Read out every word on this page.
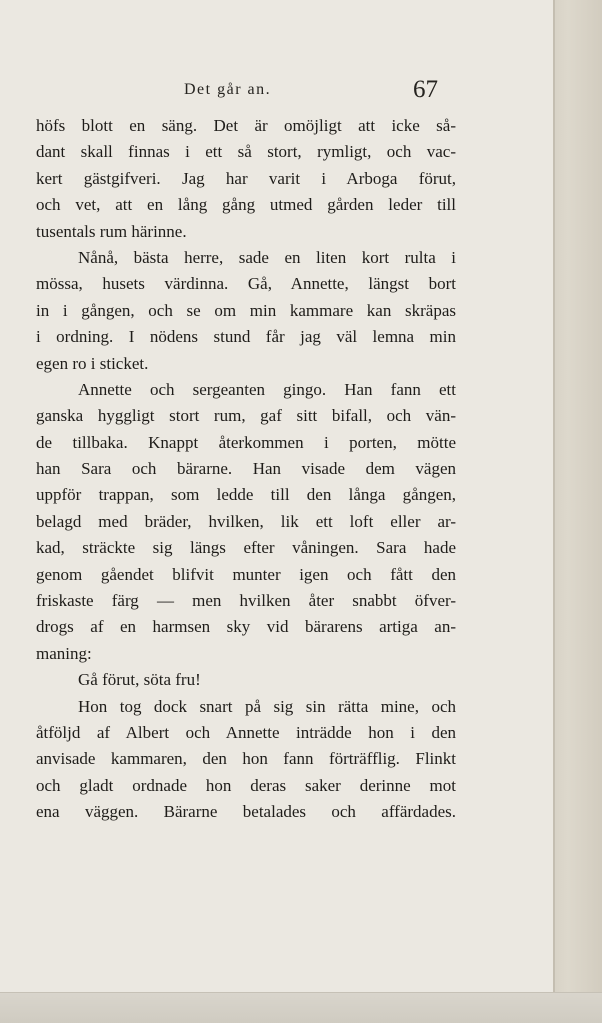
Det går an.	67
höfs blott en säng. Det är omöjligt att icke så-
dant skall finnas i ett så stort, rymligt, och vac-
kert gästgifveri. Jag har varit i Arboga förut,
och vet, att en lång gång utmed gården leder till
tusentals rum härinne.
Nånå, bästa herre, sade en liten kort rulta i
mössa, husets värdinna. Gå, Annette, längst bort
in i gången, och se om min kammare kan skräpas
i ordning. I nödens stund får jag väl lemna min
egen ro i sticket.
Annette och sergeanten gingo. Han fann ett
ganska hyggligt stort rum, gaf sitt bifall, och vän-
de tillbaka. Knappt återkommen i porten, mötte
han Sara och bärarne. Han visade dem vägen
uppför trappan, som ledde till den långa gången,
belagd med bräder, hvilken, lik ett loft eller ar-
kad, sträckte sig längs efter våningen. Sara hade
genom gåendet blifvit munter igen och fått den
friskaste färg — men hvilken åter snabbt öfver-
drogs af en harmsen sky vid bärarens artiga an-
maning:
Gå förut, söta fru!
Hon tog dock snart på sig sin rätta mine, och
åtföljd af Albert och Annette inträdde hon i den
anvisade kammaren, den hon fann förträfflig. Flinkt
och gladt ordnade hon deras saker derinne mot
ena väggen. Bärarne betalades och affärdades.
